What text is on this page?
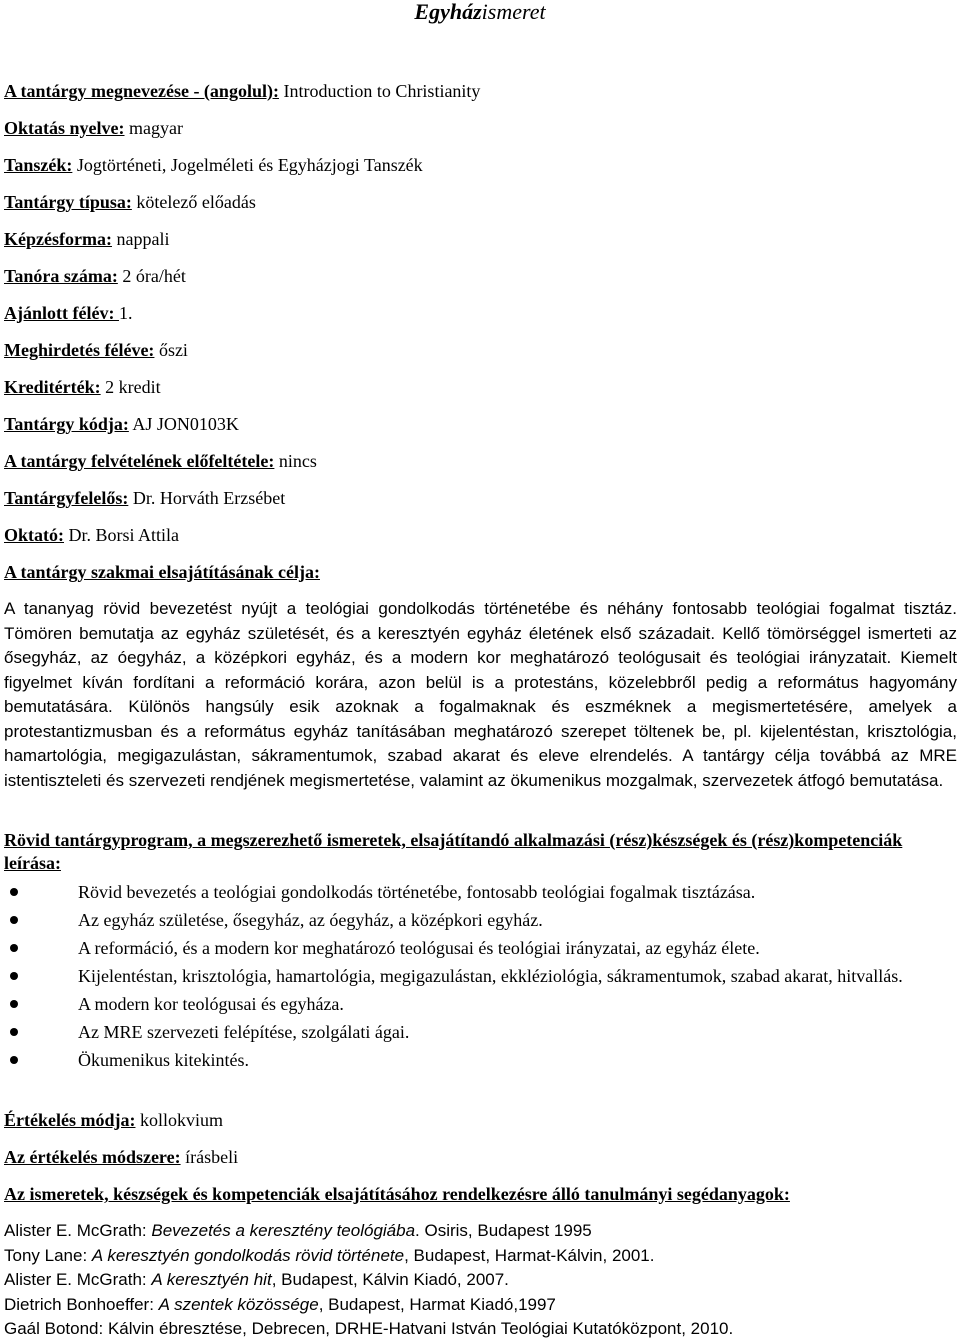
Egyházismeret
A tantárgy megnevezése - (angolul): Introduction to Christianity
Oktatás nyelve: magyar
Tanszék: Jogtörténeti, Jogelméleti és Egyházjogi Tanszék
Tantárgy típusa: kötelező előadás
Képzésforma: nappali
Tanóra száma: 2 óra/hét
Ajánlott félév: 1.
Meghirdetés féléve: őszi
Kreditérték: 2 kredit
Tantárgy kódja: AJ JON0103K
A tantárgy felvételének előfeltétele: nincs
Tantárgyfelelős: Dr. Horváth Erzsébet
Oktató: Dr. Borsi Attila
A tantárgy szakmai elsajátításának célja:
A tananyag rövid bevezetést nyújt a teológiai gondolkodás történetébe és néhány fontosabb teológiai fogalmat tisztáz. Tömören bemutatja az egyház születését, és a keresztyén egyház életének első századait. Kellő tömörséggel ismerteti az ősegyház, az óegyház, a középkori egyház, és a modern kor meghatározó teológusait és teológiai irányzatait. Kiemelt figyelmet kíván fordítani a reformáció korára, azon belül is a protestáns, közelebbről pedig a református hagyomány bemutatására. Különös hangsúly esik azoknak a fogalmaknak és eszméknek a megismertetésére, amelyek a protestantizmusban és a református egyház tanításában meghatározó szerepet töltenek be, pl. kijelentéstan, krisztológia, hamartológia, megigazulástan, sákramentumok, szabad akarat és eleve elrendelés. A tantárgy célja továbbá az MRE istentiszteleti és szervezeti rendjének megismertetése, valamint az ökumenikus mozgalmak, szervezetek átfogó bemutatása.
Rövid tantárgyprogram, a megszerezhető ismeretek, elsajátítandó alkalmazási (rész)készségek és (rész)kompetenciák leírása:
Rövid bevezetés a teológiai gondolkodás történetébe, fontosabb teológiai fogalmak tisztázása.
Az egyház születése, ősegyház, az óegyház, a középkori egyház.
A reformáció, és a modern kor meghatározó teológusai és teológiai irányzatai, az egyház élete.
Kijelentéstan, krisztológia, hamartológia, megigazulástan, ekkléziológia, sákramentumok, szabad akarat, hitvallás.
A modern kor teológusai és egyháza.
Az MRE szervezeti felépítése, szolgálati ágai.
Ökumenikus kitekintés.
Értékelés módja: kollokvium
Az értékelés módszere: írásbeli
Az ismeretek, készségek és kompetenciák elsajátításához rendelkezésre álló tanulmányi segédanyagok:
Alister E. McGrath: Bevezetés a keresztény teológiába. Osiris, Budapest 1995
Tony Lane: A keresztyén gondolkodás rövid története, Budapest, Harmat-Kálvin, 2001.
Alister E. McGrath: A keresztyén hit, Budapest, Kálvin Kiadó, 2007.
Dietrich Bonhoeffer: A szentek közössége, Budapest, Harmat Kiadó,1997
Gaál Botond: Kálvin ébresztése, Debrecen, DRHE-Hatvani István Teológiai Kutatóközpont, 2010.
